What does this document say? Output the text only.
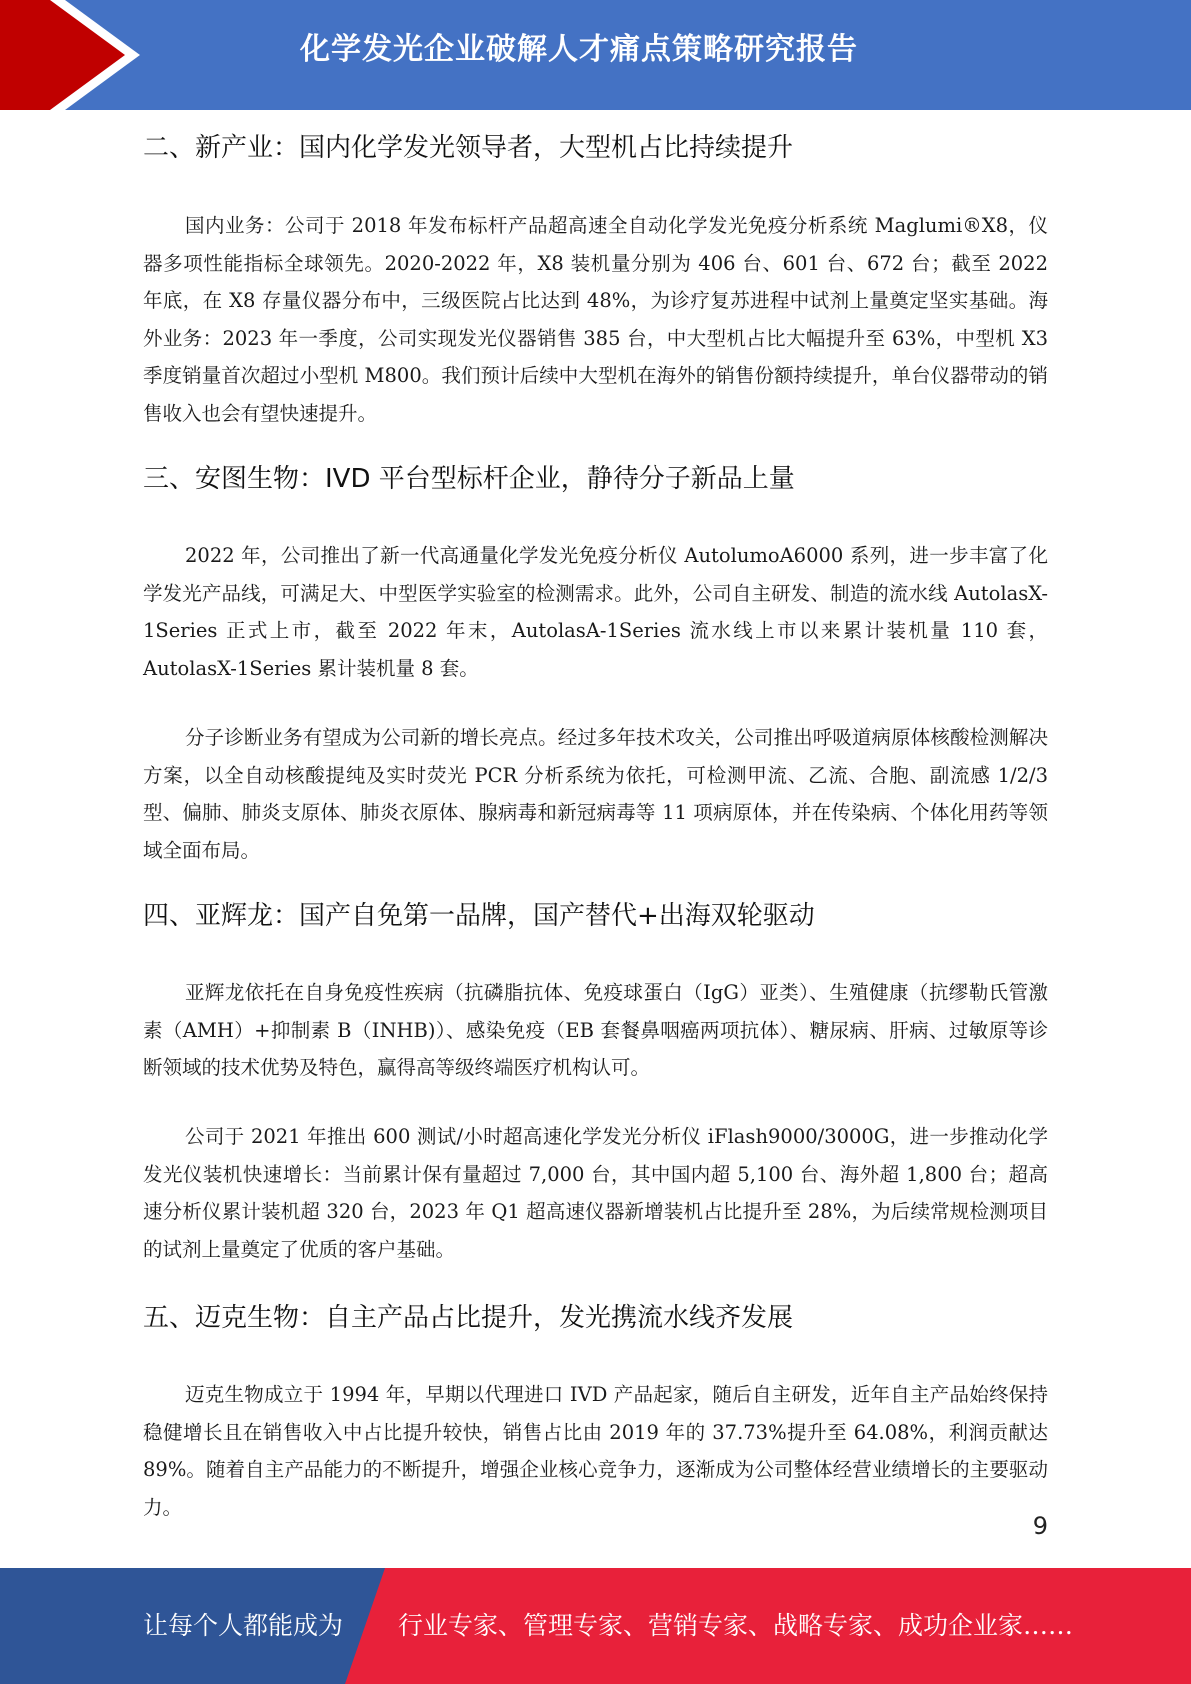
化学发光企业破解人才痛点策略研究报告
二、新产业：国内化学发光领导者，大型机占比持续提升

国内业务：公司于 2018 年发布标杆产品超高速全自动化学发光免疫分析系统 Maglumi®X8，仪器多项性能指标全球领先。2020-2022 年，X8 装机量分别为 406 台、601 台、672 台；截至 2022 年底，在 X8 存量仪器分布中，三级医院占比达到 48%，为诊疗复苏进程中试剂上量奠定坚实基础。海外业务：2023 年一季度，公司实现发光仪器销售 385 台，中大型机占比大幅提升至 63%，中型机 X3 季度销量首次超过小型机 M800。我们预计后续中大型机在海外的销售份额持续提升，单台仪器带动的销售收入也会有望快速提升。

三、安图生物：IVD 平台型标杆企业，静待分子新品上量

2022 年，公司推出了新一代高通量化学发光免疫分析仪 AutolumoA6000 系列，进一步丰富了化学发光产品线，可满足大、中型医学实验室的检测需求。此外，公司自主研发、制造的流水线 AutolasX-1Series 正式上市，截至 2022 年末，AutolasA-1Series 流水线上市以来累计装机量 110 套，AutolasX-1Series 累计装机量 8 套。

分子诊断业务有望成为公司新的增长亮点。经过多年技术攻关，公司推出呼吸道病原体核酸检测解决方案，以全自动核酸提纯及实时荧光 PCR 分析系统为依托，可检测甲流、乙流、合胞、副流感 1/2/3 型、偏肺、肺炎支原体、肺炎衣原体、腺病毒和新冠病毒等 11 项病原体，并在传染病、个体化用药等领域全面布局。

四、亚辉龙：国产自免第一品牌，国产替代+出海双轮驱动

亚辉龙依托在自身免疫性疾病（抗磷脂抗体、免疫球蛋白（IgG）亚类）、生殖健康（抗缪勒氏管激素（AMH）+抑制素 B（INHB)）、感染免疫（EB 套餐鼻咽癌两项抗体）、糖尿病、肝病、过敏原等诊断领域的技术优势及特色，赢得高等级终端医疗机构认可。

公司于 2021 年推出 600 测试/小时超高速化学发光分析仪 iFlash9000/3000G，进一步推动化学发光仪装机快速增长：当前累计保有量超过 7,000 台，其中国内超 5,100 台、海外超 1,800 台；超高速分析仪累计装机超 320 台，2023 年 Q1 超高速仪器新增装机占比提升至 28%，为后续常规检测项目的试剂上量奠定了优质的客户基础。

五、迈克生物：自主产品占比提升，发光携流水线齐发展

迈克生物成立于 1994 年，早期以代理进口 IVD 产品起家，随后自主研发，近年自主产品始终保持稳健增长且在销售收入中占比提升较快，销售占比由 2019 年的 37.73%提升至 64.08%，利润贡献达 89%。随着自主产品能力的不断提升，增强企业核心竞争力，逐渐成为公司整体经营业绩增长的主要驱动力。

9
让每个人都能成为 行业专家、管理专家、营销专家、战略专家、成功企业家……
